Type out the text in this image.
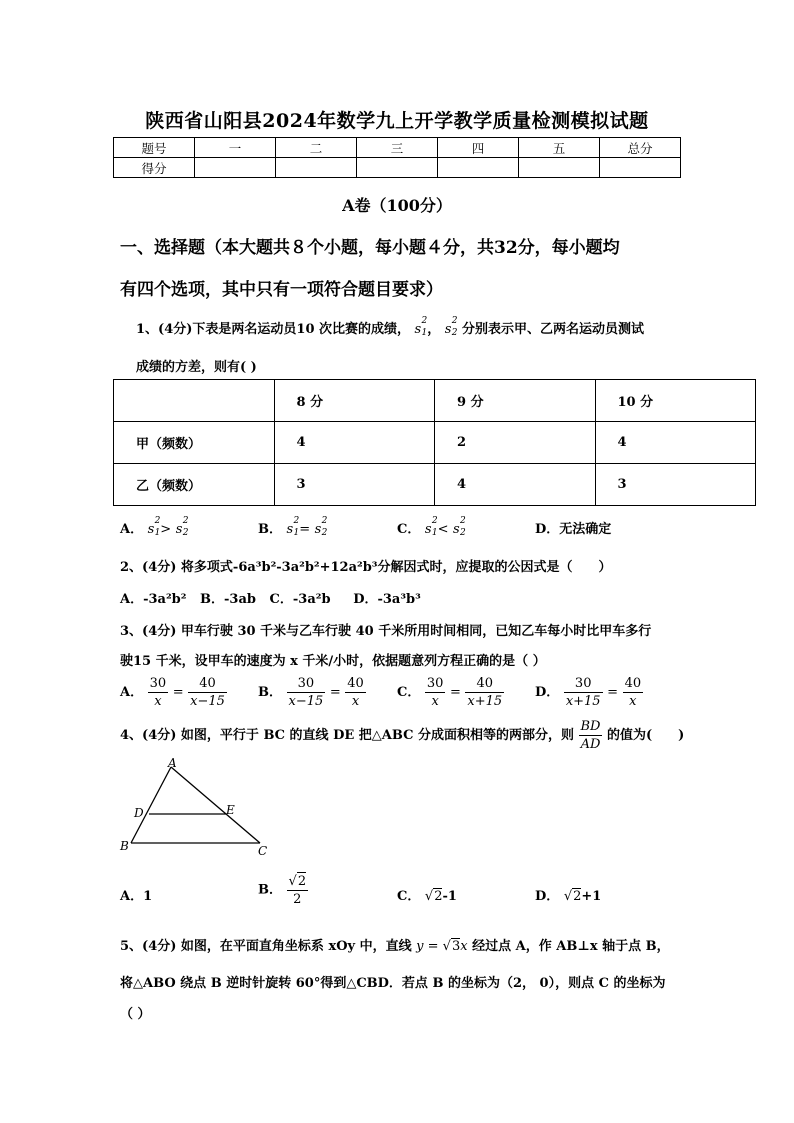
陕西省山阳县2024年数学九上开学教学质量检测模拟试题
题号	一	二	三	四	五	总分
得分						
A卷（100分）
一、选择题（本大题共８个小题，每小题４分，共32分，每小题均
有四个选项，其中只有一项符合题目要求）
1、(4分)下表是两名运动员10 次比赛的成绩， s
2
1 ， s
2
2 分别表示甲、乙两名运动员测试
成绩的方差，则有( )
	8 分	9 分	10 分
甲（频数）	4	2	4
乙（频数）	3	4	3
A． s
2
1 > s
2
2	B． s
2
1 = s
2
2	C． s
2
1 < s
2
2	D．无法确定
2、(4分) 将多项式-6a³b²-3a²b²+12a²b³分解因式时，应提取的公因式是（　　）
A．-3a²b² B．-3ab C．-3a²b D．-3a³b³
3、(4分) 甲车行驶 30 千米与乙车行驶 40 千米所用时间相同，已知乙车每小时比甲车多行
驶15 千米，设甲车的速度为 x 千米/小时，依据题意列方程正确的是（ ）
A． $\frac{30}{x} = \frac{40}{x-15}$ B． $\frac{30}{x-15} = \frac{40}{x}$ C． $\frac{30}{x} = \frac{40}{x+15}$ D． $\frac{30}{x+15} = \frac{40}{x}$
4、(4分) 如图，平行于 BC 的直线 DE 把△ABC 分成面积相等的两部分，则 $\frac{BD}{AD}$ 的值为(　　)
A
D	E
B	C
A．1	B． $\frac{√2}{2}$	C． √2-1	D． √2+1
5、(4分) 如图，在平面直角坐标系 xOy 中，直线 y = √3x 经过点 A，作 AB⊥x 轴于点 B，
将△ABO 绕点 B 逆时针旋转 60°得到△CBD．若点 B 的坐标为（2， 0），则点 C 的坐标为
（ ）
